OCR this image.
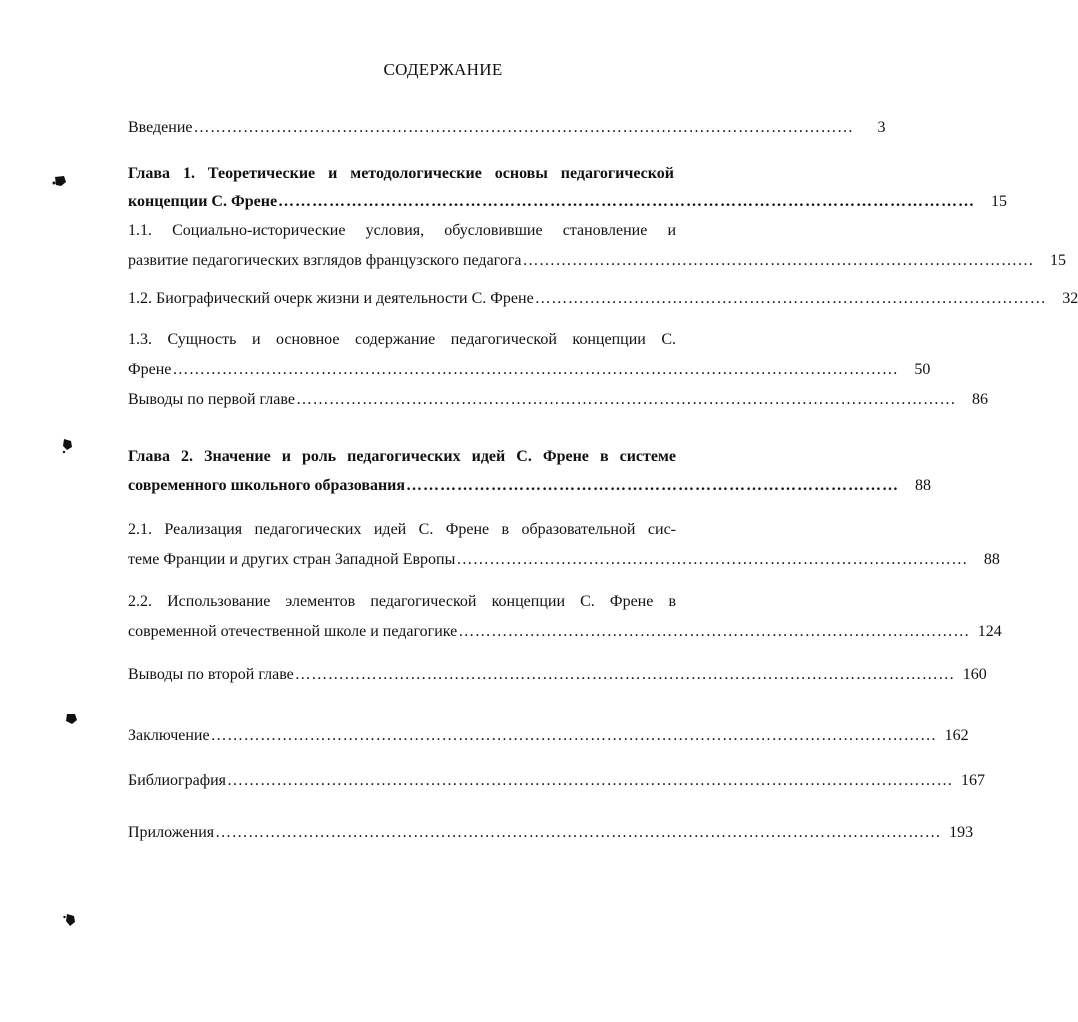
СОДЕРЖАНИЕ
Введение …………………………………………………………………………………………………………	3
Глава 1. Теоретические и методологические основы педагогической
концепции С. Френе ……………………………………………………………………………………………………………	15
1.1. Социально-исторические условия, обусловившие становление и
развитие педагогических взглядов французского педагога …………………………………………………………………………………	15
1.2. Биографический очерк жизни и деятельности С. Френе …………………………………………………………………………………	32
1.3. Сущность и основное содержание педагогической концепции С.
Френе ……………………………………………………………………………………………………………………	50
Выводы по первой главе …………………………………………………………………………………………………………	86
Глава 2. Значение и роль педагогических идей С. Френе в системе
современного школьного образования ……………………………………………………………………………	88
2.1. Реализация педагогических идей С. Френе в образовательной сис-
теме Франции и других стран Западной Европы …………………………………………………………………………………	88
2.2. Использование элементов педагогической концепции С. Френе в
современной отечественной школе и педагогике ………………………………………………………………………………… 124
Выводы по второй главе ………………………………………………………………………………………………………… 160
Заключение …………………………………………………………………………………………………………………… 162
Библиография …………………………………………………………………………………………………………………… 167
Приложения …………………………………………………………………………………………………………………… 193
